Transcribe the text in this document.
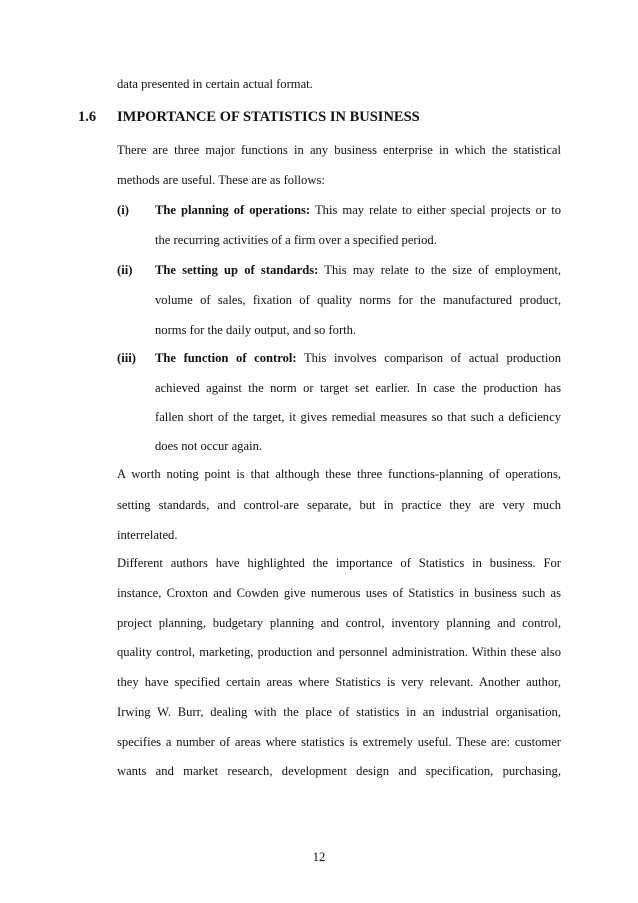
data presented in certain actual format.
1.6 IMPORTANCE OF STATISTICS IN BUSINESS
There are three major functions in any business enterprise in which the statistical
methods are useful. These are as follows:
(i) The planning of operations: This may relate to either special projects or to
the recurring activities of a firm over a specified period.
(ii) The setting up of standards: This may relate to the size of employment,
volume of sales, fixation of quality norms for the manufactured product,
norms for the daily output, and so forth.
(iii) The function of control: This involves comparison of actual production
achieved against the norm or target set earlier. In case the production has
fallen short of the target, it gives remedial measures so that such a deficiency
does not occur again.
A worth noting point is that although these three functions-planning of operations,
setting standards, and control-are separate, but in practice they are very much
interrelated.
Different authors have highlighted the importance of Statistics in business. For
instance, Croxton and Cowden give numerous uses of Statistics in business such as
project planning, budgetary planning and control, inventory planning and control,
quality control, marketing, production and personnel administration. Within these also
they have specified certain areas where Statistics is very relevant. Another author,
Irwing W. Burr, dealing with the place of statistics in an industrial organisation,
specifies a number of areas where statistics is extremely useful. These are: customer
wants and market research, development design and specification, purchasing,
12
